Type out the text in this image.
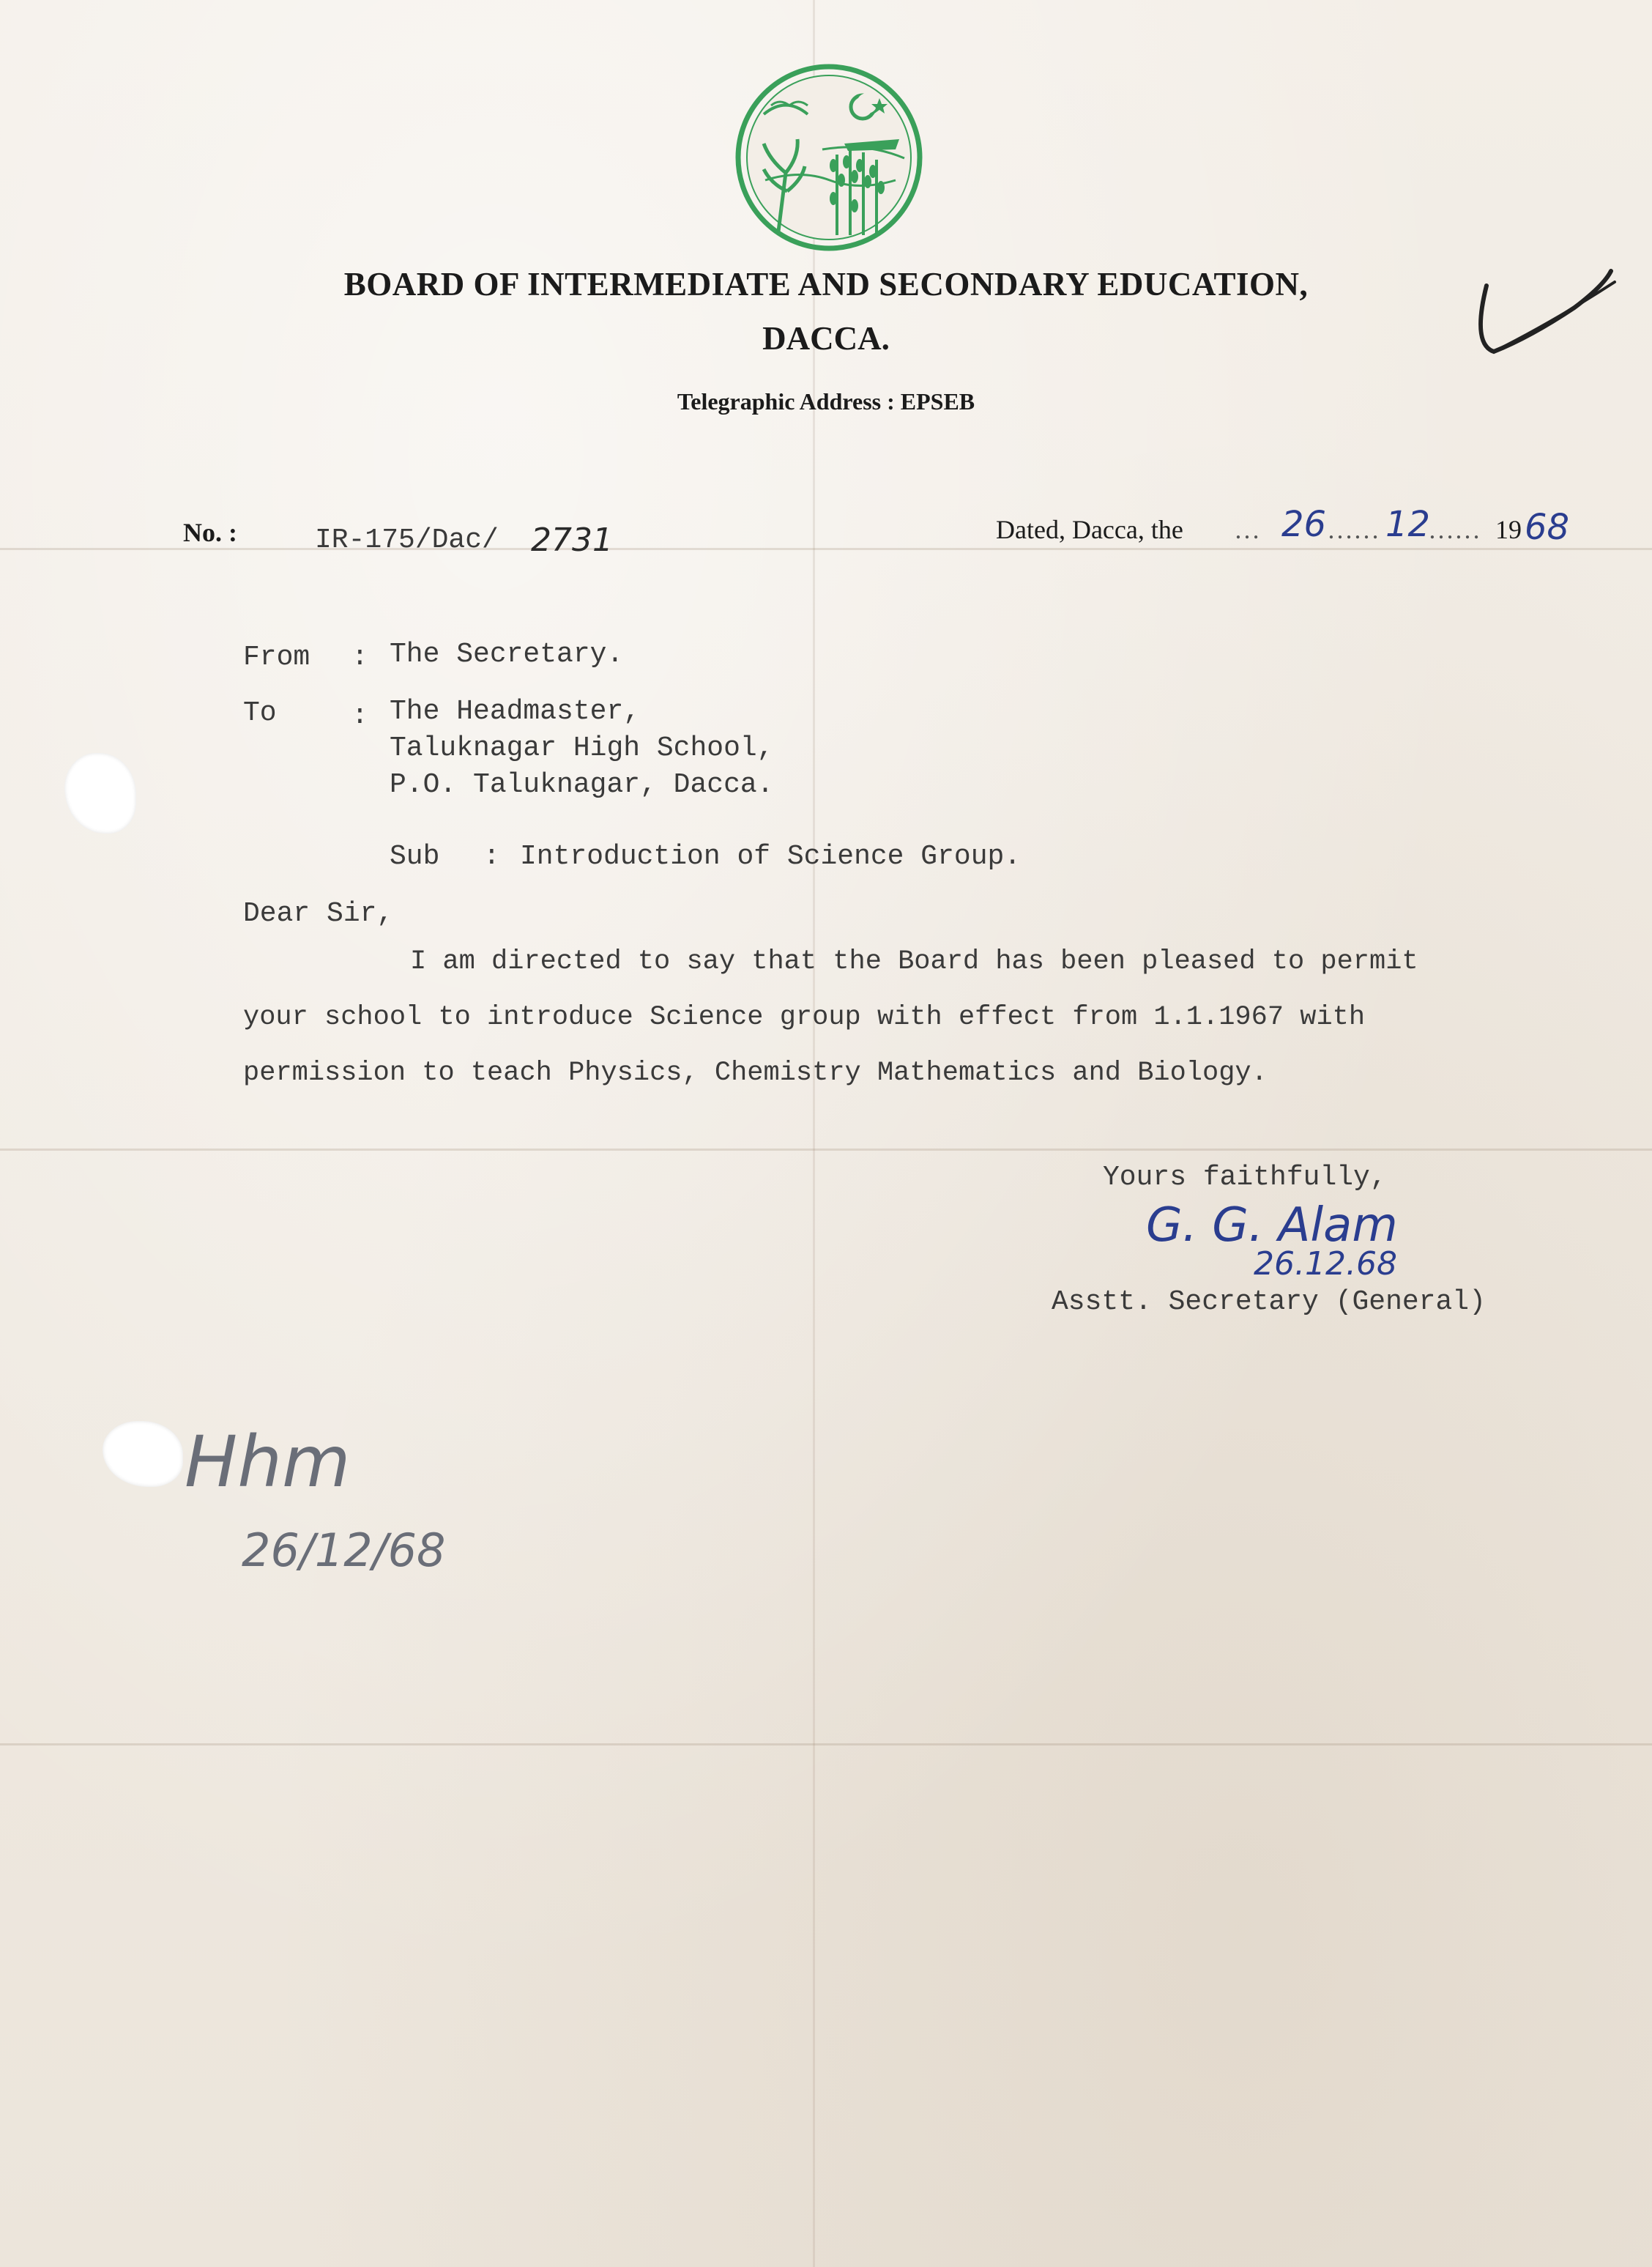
BOARD OF INTERMEDIATE AND SECONDARY EDUCATION,
DACCA.
Telegraphic Address : EPSEB
No. :	IR-175/Dac/ 2731	Dated, Dacca, the … 26 …… 12
…… 19 68
From : The Secretary.
To	: The Headmaster,
Taluknagar High School,
P.O. Taluknagar, Dacca.
Sub : Introduction of Science Group.
Dear Sir,
I am directed to say that the Board has been pleased to permit
your school to introduce Science group with effect from 1.1.1967 with
permission to teach Physics, Chemistry Mathematics and Biology.
Yours faithfully,
G. G. Alam
26.12.68
Asstt. Secretary (General)
Hhm
26/12/68
